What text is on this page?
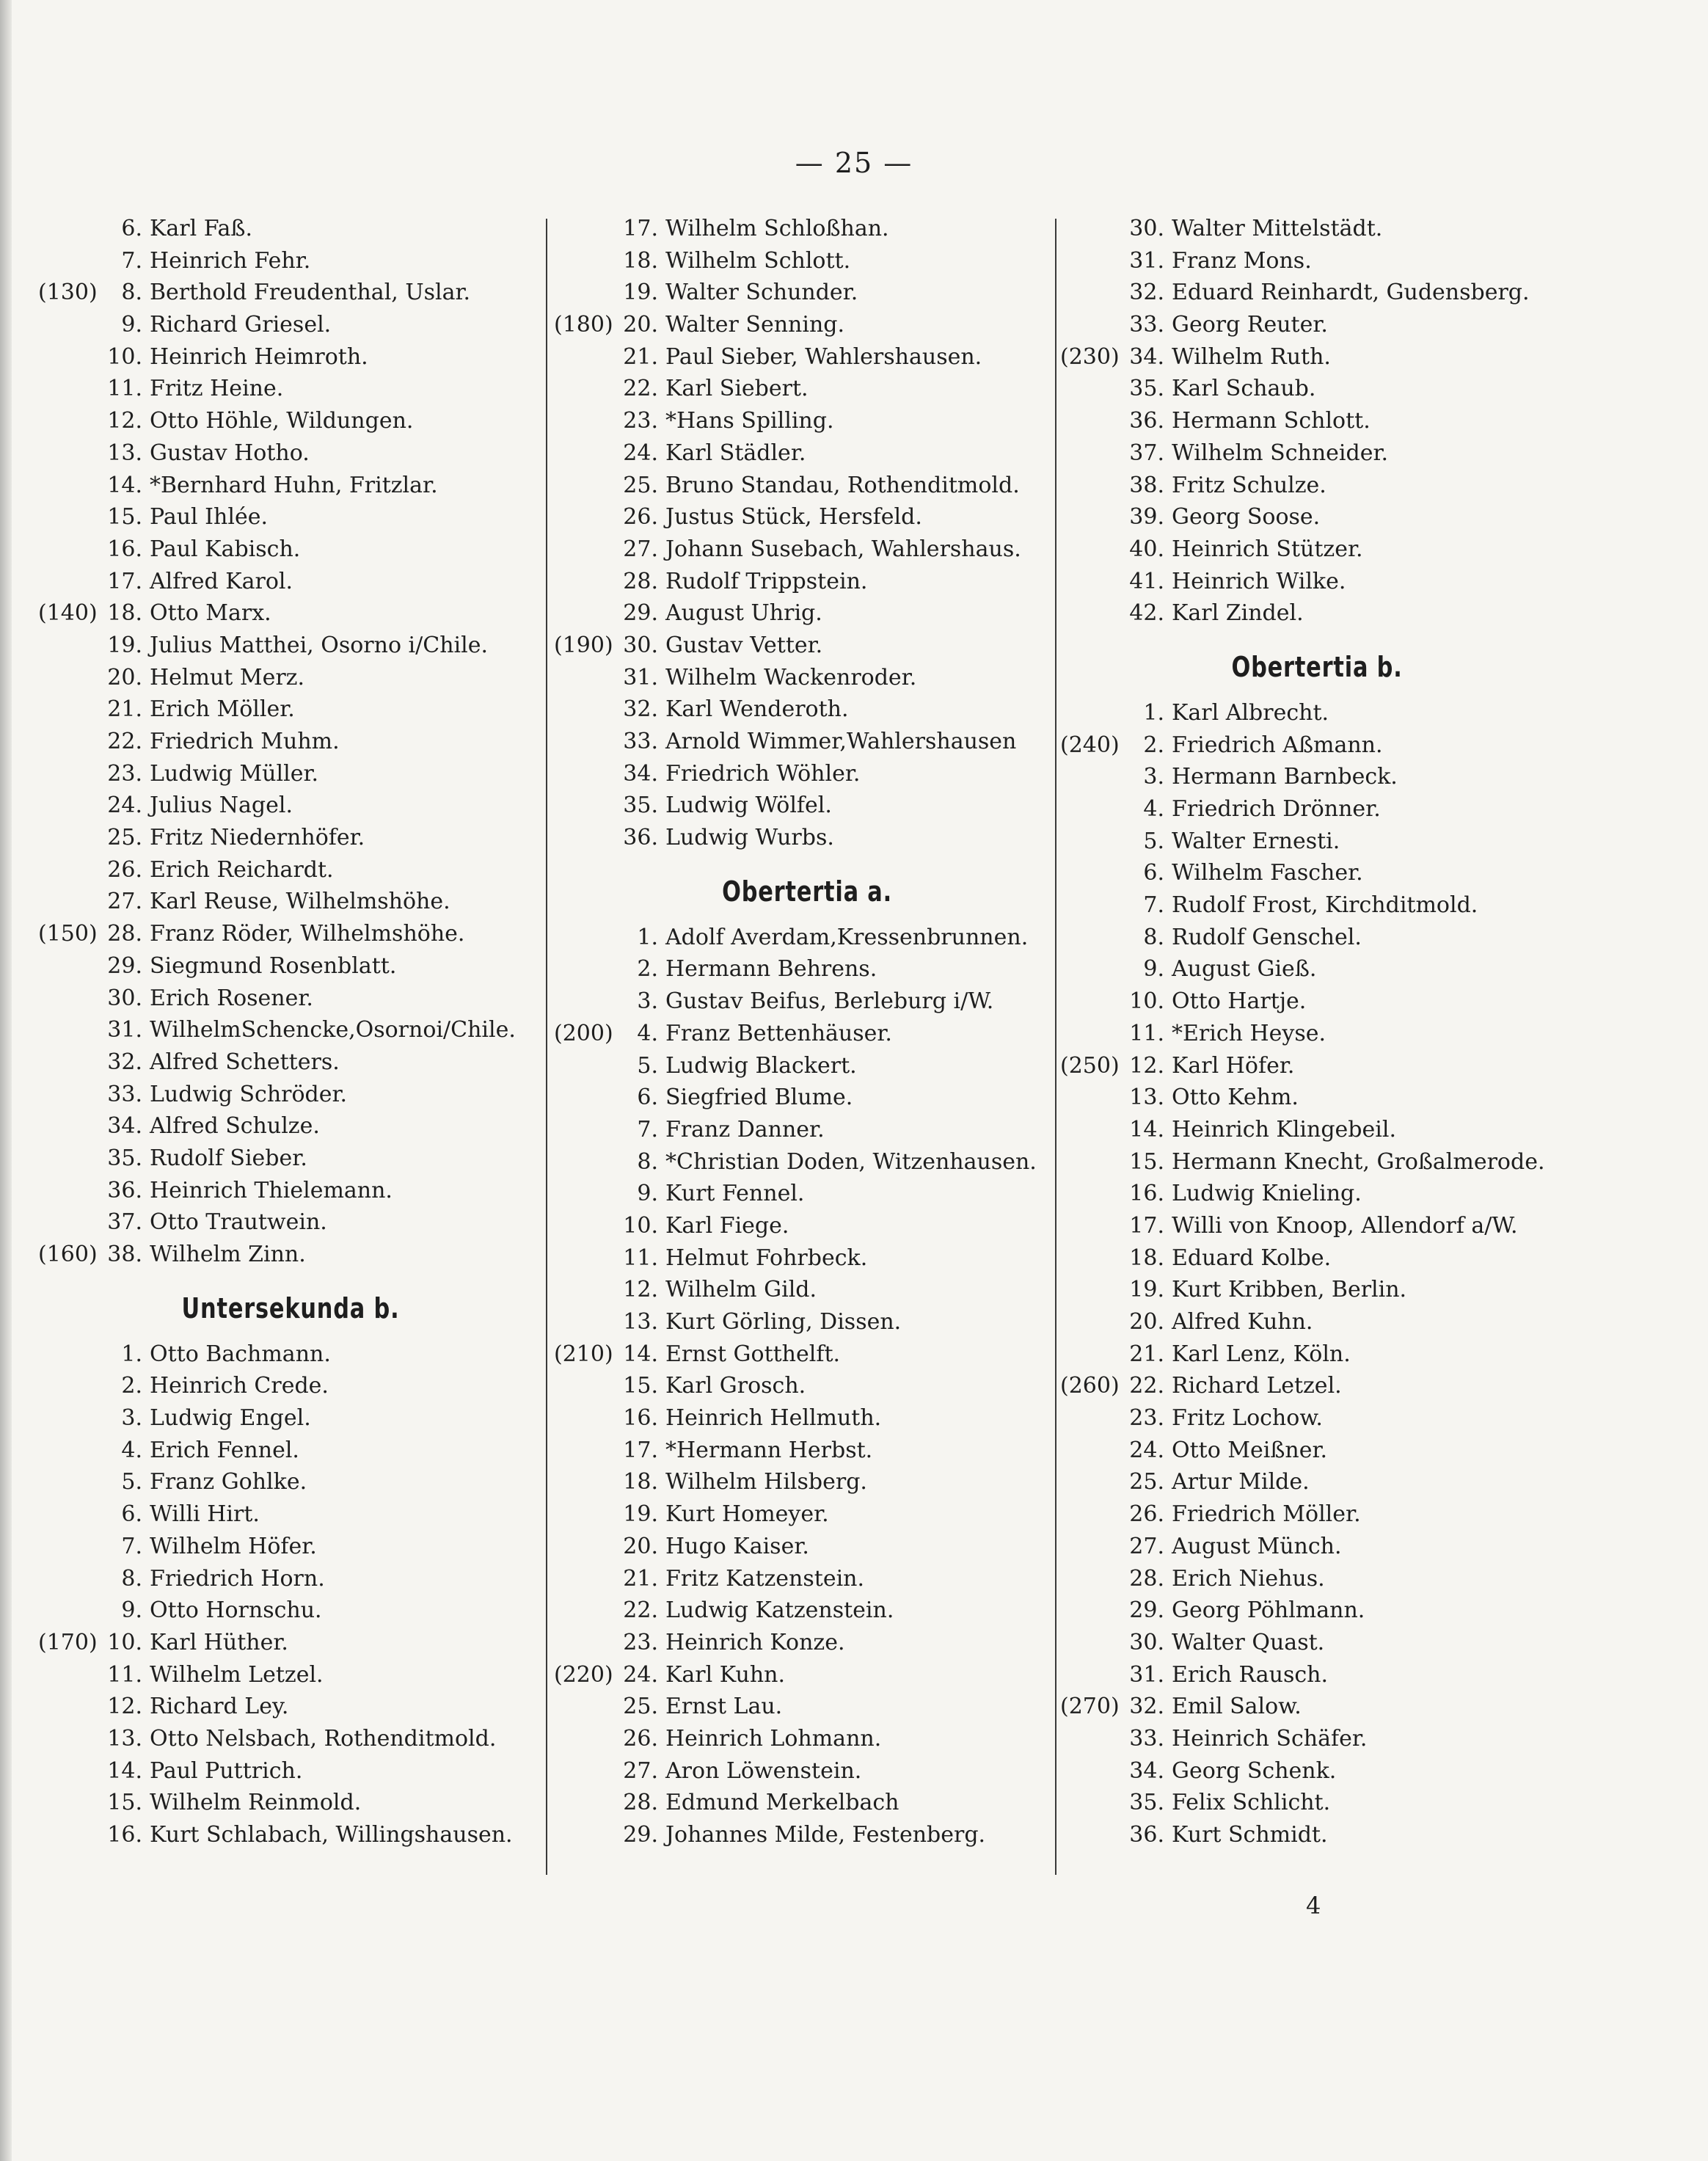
— 25 —
6. Karl Faß.
7. Heinrich Fehr.
(130)	8. Berthold Freudenthal, Uslar.
9. Richard Griesel.
10. Heinrich Heimroth.
11. Fritz Heine.
12. Otto Höhle, Wildungen.
13. Gustav Hotho.
14. *Bernhard Huhn, Fritzlar.
15. Paul Ihlée.
16. Paul Kabisch.
17. Alfred Karol.
(140) 18. Otto Marx.
19. Julius Matthei, Osorno i/Chile.
20. Helmut Merz.
21. Erich Möller.
22. Friedrich Muhm.
23. Ludwig Müller.
24. Julius Nagel.
25. Fritz Niedernhöfer.
26. Erich Reichardt.
27. Karl Reuse, Wilhelmshöhe.
(150) 28. Franz Röder, Wilhelmshöhe.
29. Siegmund Rosenblatt.
30. Erich Rosener.
31. WilhelmSchencke,Osornoi/Chile.
32. Alfred Schetters.
33. Ludwig Schröder.
34. Alfred Schulze.
35. Rudolf Sieber.
36. Heinrich Thielemann.
37. Otto Trautwein.
(160) 38. Wilhelm Zinn.
Untersekunda b.
1. Otto Bachmann.
2. Heinrich Crede.
3. Ludwig Engel.
4. Erich Fennel.
5. Franz Gohlke.
6. Willi Hirt.
7. Wilhelm Höfer.
8. Friedrich Horn.
9. Otto Hornschu.
(170) 10. Karl Hüther.
11. Wilhelm Letzel.
12. Richard Ley.
13. Otto Nelsbach, Rothenditmold.
14. Paul Puttrich.
15. Wilhelm Reinmold.
16. Kurt Schlabach, Willingshausen.
17. Wilhelm Schloßhan.
18. Wilhelm Schlott.
19. Walter Schunder.
(180) 20. Walter Senning.
21. Paul Sieber, Wahlershausen.
22. Karl Siebert.
23. *Hans Spilling.
24. Karl Städler.
25. Bruno Standau, Rothenditmold.
26. Justus Stück, Hersfeld.
27. Johann Susebach, Wahlershaus.
28. Rudolf Trippstein.
29. August Uhrig.
(190) 30. Gustav Vetter.
31. Wilhelm Wackenroder.
32. Karl Wenderoth.
33. Arnold Wimmer,Wahlershausen
34. Friedrich Wöhler.
35. Ludwig Wölfel.
36. Ludwig Wurbs.
Obertertia a.
1. Adolf Averdam,Kressenbrunnen.
2. Hermann Behrens.
3. Gustav Beifus, Berleburg i/W.
(200)	4. Franz Bettenhäuser.
5. Ludwig Blackert.
6. Siegfried Blume.
7. Franz Danner.
8. *Christian Doden, Witzenhausen.
9. Kurt Fennel.
10. Karl Fiege.
11. Helmut Fohrbeck.
12. Wilhelm Gild.
13. Kurt Görling, Dissen.
(210) 14. Ernst Gotthelft.
15. Karl Grosch.
16. Heinrich Hellmuth.
17. *Hermann Herbst.
18. Wilhelm Hilsberg.
19. Kurt Homeyer.
20. Hugo Kaiser.
21. Fritz Katzenstein.
22. Ludwig Katzenstein.
23. Heinrich Konze.
(220) 24. Karl Kuhn.
25. Ernst Lau.
26. Heinrich Lohmann.
27. Aron Löwenstein.
28. Edmund Merkelbach
29. Johannes Milde, Festenberg.
30. Walter Mittelstädt.
31. Franz Mons.
32. Eduard Reinhardt, Gudensberg.
33. Georg Reuter.
(230) 34. Wilhelm Ruth.
35. Karl Schaub.
36. Hermann Schlott.
37. Wilhelm Schneider.
38. Fritz Schulze.
39. Georg Soose.
40. Heinrich Stützer.
41. Heinrich Wilke.
42. Karl Zindel.
Obertertia b.
1. Karl Albrecht.
(240)	2. Friedrich Aßmann.
3. Hermann Barnbeck.
4. Friedrich Drönner.
5. Walter Ernesti.
6. Wilhelm Fascher.
7. Rudolf Frost, Kirchditmold.
8. Rudolf Genschel.
9. August Gieß.
10. Otto Hartje.
11. *Erich Heyse.
(250) 12. Karl Höfer.
13. Otto Kehm.
14. Heinrich Klingebeil.
15. Hermann Knecht, Großalmerode.
16. Ludwig Knieling.
17. Willi von Knoop, Allendorf a/W.
18. Eduard Kolbe.
19. Kurt Kribben, Berlin.
20. Alfred Kuhn.
21. Karl Lenz, Köln.
(260) 22. Richard Letzel.
23. Fritz Lochow.
24. Otto Meißner.
25. Artur Milde.
26. Friedrich Möller.
27. August Münch.
28. Erich Niehus.
29. Georg Pöhlmann.
30. Walter Quast.
31. Erich Rausch.
(270) 32. Emil Salow.
33. Heinrich Schäfer.
34. Georg Schenk.
35. Felix Schlicht.
36. Kurt Schmidt.
4
